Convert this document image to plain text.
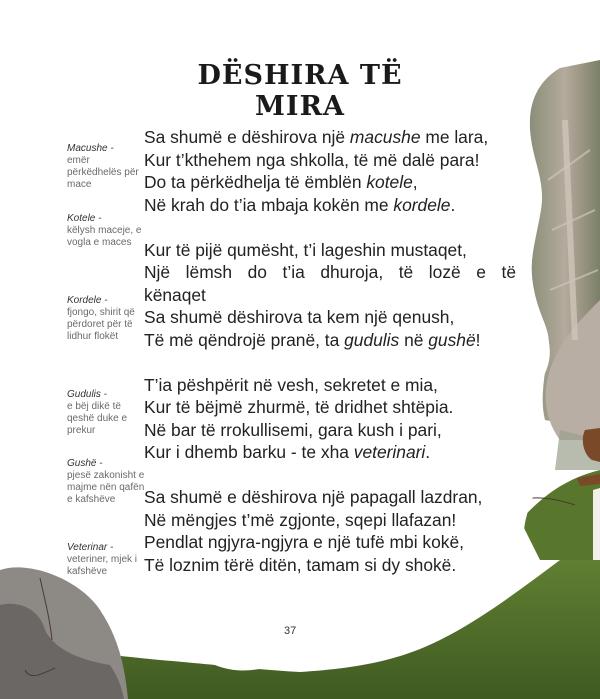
DËSHIRA TË MIRA
Macushe -
emër përkëdhelës për mace
Kotele -
këlysh maceje, e vogla e maces
Kordele -
fjongo, shirit që përdoret për të lidhur flokët
Gudulis -
e bëj dikë të qeshë duke e prekur
Gushë -
pjesë zakonisht e majme nën qafën e kafshëve
Veterinar -
veteriner, mjek i kafshëve
Sa shumë e dëshirova një macushe me lara,
Kur t’kthehem nga shkolla, të më dalë para!
Do ta përkëdhelja të ëmblën kotele,
Në krah do t’ia mbaja kokën me kordele.
Kur të pijë qumësht, t’i lageshin mustaqet,
Një lëmsh do t’ia dhuroja, të lozë e të kënaqet
Sa shumë dëshirova ta kem një qenush,
Të më qëndrojë pranë, ta gudulis në gushë!
T’ia pëshpërit në vesh, sekretet e mia,
Kur të bëjmë zhurmë, të dridhet shtëpia.
Në bar të rrokullisemi, gara kush i pari,
Kur i dhemb barku - te xha veterinari.
Sa shumë e dëshirova një papagall lazdran,
Në mëngjes t’më zgjonte, sqepi llafazan!
Pendlat ngjyra-ngjyra e një tufë mbi kokë,
Të loznim tërë ditën, tamam si dy shokë.
37
